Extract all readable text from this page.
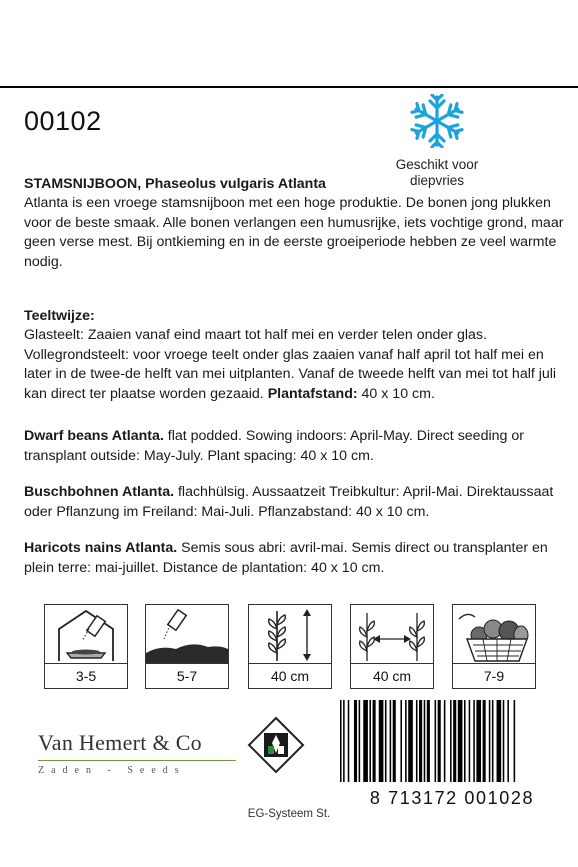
00102
Geschikt voor diepvries
STAMSNIJBOON, Phaseolus vulgaris Atlanta
Atlanta is een vroege stamsnijboon met een hoge produktie. De bonen jong plukken voor de beste smaak. Alle bonen verlangen een humusrijke, iets vochtige grond, maar geen verse mest. Bij ontkieming en in de eerste groeiperiode hebben ze veel warmte nodig.
Teeltwijze:
Glasteelt: Zaaien vanaf eind maart tot half mei en verder telen onder glas. Vollegrondsteelt: voor vroege teelt onder glas zaaien vanaf half april tot half mei en later in de twee-de helft van mei uitplanten. Vanaf de tweede helft van mei tot half juli kan direct ter plaatse worden gezaaid. Plantafstand: 40 x 10 cm.
Dwarf beans Atlanta. flat podded. Sowing indoors: April-May. Direct seeding or transplant outside: May-July. Plant spacing: 40 x 10 cm.
Buschbohnen Atlanta. flachhülsig. Aussaatzeit Treibkultur: April-Mai. Direktaussaat oder Pflanzung im Freiland: Mai-Juli. Pflanzabstand: 40 x 10 cm.
Haricots nains Atlanta. Semis sous abri: avril-mai. Semis direct ou transplanter en plein terre: mai-juillet. Distance de plantation: 40 x 10 cm.
3-5	5-7	40 cm	40 cm	7-9
Van Hemert & Co
Zaden - Seeds
8 713172 001028
EG-Systeem St.
